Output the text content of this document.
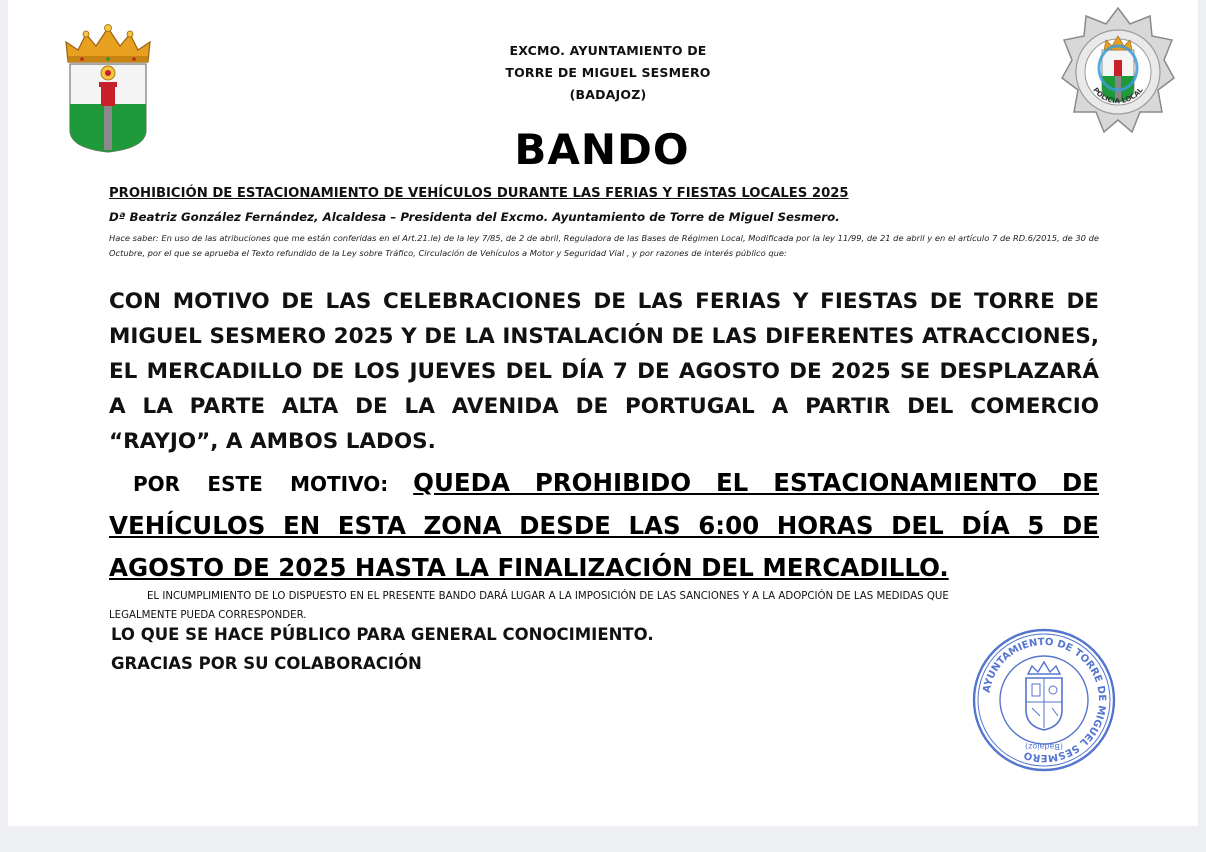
EXCMO. AYUNTAMIENTO DE
TORRE DE MIGUEL SESMERO
(BADAJOZ)	POLICIA LOCAL
BANDO
PROHIBICIÓN DE ESTACIONAMIENTO DE VEHÍCULOS DURANTE LAS FERIAS Y FIESTAS LOCALES 2025
Dª Beatriz González Fernández, Alcaldesa – Presidenta del Excmo. Ayuntamiento de Torre de Miguel Sesmero.
Hace saber: En uso de las atribuciones que me están conferidas en el Art.21.le) de la ley 7/85, de 2 de abril, Reguladora de las Bases de Régimen Local, Modificada por la ley 11/99, de 21 de abril y en el artículo 7 de RD.6/2015, de 30 de Octubre, por el que se aprueba el Texto refundido de la Ley sobre Tráfico, Circulación de Vehículos a Motor y Seguridad Vial , y por razones de interés público que:
CON MOTIVO DE LAS CELEBRACIONES DE LAS FERIAS Y FIESTAS DE TORRE DE MIGUEL SESMERO 2025 Y DE LA INSTALACIÓN DE LAS DIFERENTES ATRACCIONES, EL MERCADILLO DE LOS JUEVES DEL DÍA 7 DE AGOSTO DE 2025 SE DESPLAZARÁ A LA PARTE ALTA DE LA AVENIDA DE PORTUGAL A PARTIR DEL COMERCIO “RAYJO”, A AMBOS LADOS.
POR ESTE MOTIVO: QUEDA PROHIBIDO EL ESTACIONAMIENTO DE VEHÍCULOS EN ESTA ZONA DESDE LAS 6:00 HORAS DEL DÍA 5 DE AGOSTO DE 2025 HASTA LA FINALIZACIÓN DEL MERCADILLO.
EL INCUMPLIMIENTO DE LO DISPUESTO EN EL PRESENTE BANDO DARÁ LUGAR A LA IMPOSICIÓN DE LAS SANCIONES Y A LA ADOPCIÓN DE LAS MEDIDAS QUE LEGALMENTE PUEDA CORRESPONDER.
LO QUE SE HACE PÚBLICO PARA GENERAL CONOCIMIENTO.
GRACIAS POR SU COLABORACIÓN
AYUNTAMIENTO DE TORRE DE MIGUEL SESMERO
(Badajoz)
